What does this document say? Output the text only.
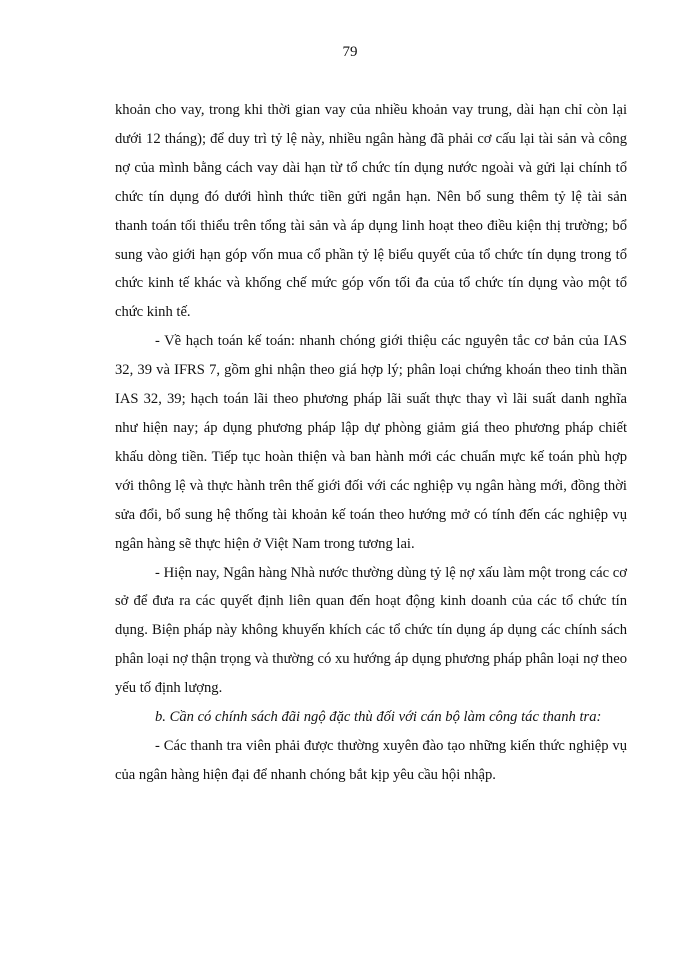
79

khoản cho vay, trong khi thời gian vay của nhiều khoản vay trung, dài hạn chỉ còn lại dưới 12 tháng); để duy trì tỷ lệ này, nhiều ngân hàng đã phải cơ cấu lại tài sản và công nợ của mình bằng cách vay dài hạn từ tổ chức tín dụng nước ngoài và gửi lại chính tổ chức tín dụng đó dưới hình thức tiền gửi ngắn hạn. Nên bổ sung thêm tỷ lệ tài sản thanh toán tối thiểu trên tổng tài sản và áp dụng linh hoạt theo điều kiện thị trường; bổ sung vào giới hạn góp vốn mua cổ phần tỷ lệ biểu quyết của tổ chức tín dụng trong tổ chức kinh tế khác và khống chế mức góp vốn tối đa của tổ chức tín dụng vào một tổ chức kinh tế.

- Về hạch toán kế toán: nhanh chóng giới thiệu các nguyên tắc cơ bản của IAS 32, 39 và IFRS 7, gồm ghi nhận theo giá hợp lý; phân loại chứng khoán theo tinh thần IAS 32, 39; hạch toán lãi theo phương pháp lãi suất thực thay vì lãi suất danh nghĩa như hiện nay; áp dụng phương pháp lập dự phòng giảm giá theo phương pháp chiết khấu dòng tiền. Tiếp tục hoàn thiện và ban hành mới các chuẩn mực kế toán phù hợp với thông lệ và thực hành trên thế giới đối với các nghiệp vụ ngân hàng mới, đồng thời sửa đổi, bổ sung hệ thống tài khoản kế toán theo hướng mở có tính đến các nghiệp vụ ngân hàng sẽ thực hiện ở Việt Nam trong tương lai.

- Hiện nay, Ngân hàng Nhà nước thường dùng tỷ lệ nợ xấu làm một trong các cơ sở để đưa ra các quyết định liên quan đến hoạt động kinh doanh của các tổ chức tín dụng. Biện pháp này không khuyến khích các tổ chức tín dụng áp dụng các chính sách phân loại nợ thận trọng và thường có xu hướng áp dụng phương pháp phân loại nợ theo yếu tố định lượng.

b. Cần có chính sách đãi ngộ đặc thù đối với cán bộ làm công tác thanh tra:

- Các thanh tra viên phải được thường xuyên đào tạo những kiến thức nghiệp vụ của ngân hàng hiện đại để nhanh chóng bắt kịp yêu cầu hội nhập.
